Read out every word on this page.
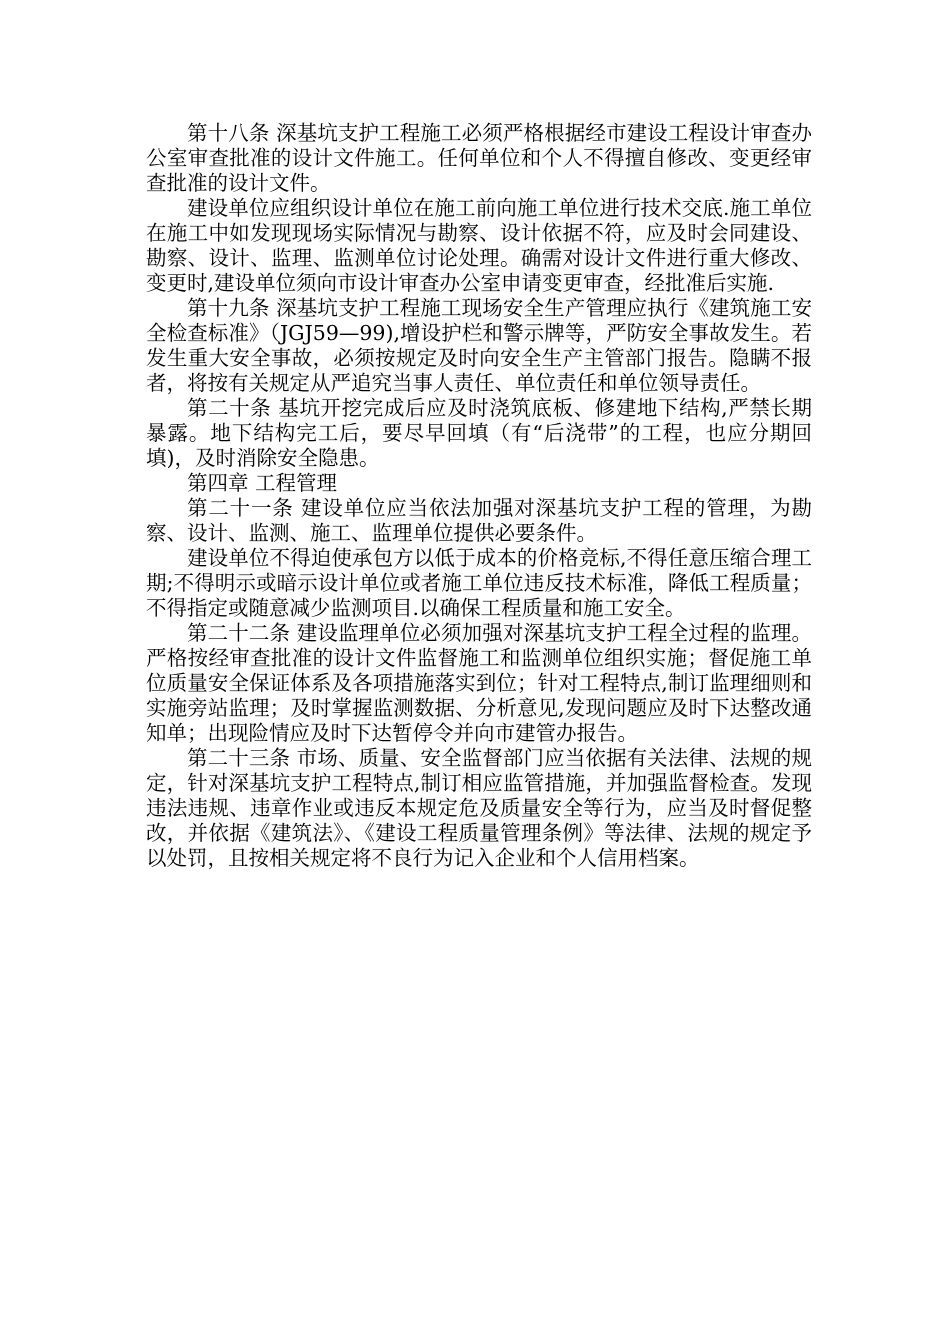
第十八条 深基坑支护工程施工必须严格根据经市建设工程设计审查办公室审查批准的设计文件施工。任何单位和个人不得擅自修改、变更经审查批准的设计文件。

建设单位应组织设计单位在施工前向施工单位进行技术交底.施工单位在施工中如发现现场实际情况与勘察、设计依据不符，应及时会同建设、勘察、设计、监理、监测单位讨论处理。确需对设计文件进行重大修改、变更时,建设单位须向市设计审查办公室申请变更审查，经批准后实施.

第十九条 深基坑支护工程施工现场安全生产管理应执行《建筑施工安全检查标准》（JGJ59—99),增设护栏和警示牌等，严防安全事故发生。若发生重大安全事故，必须按规定及时向安全生产主管部门报告。隐瞒不报者，将按有关规定从严追究当事人责任、单位责任和单位领导责任。

第二十条 基坑开挖完成后应及时浇筑底板、修建地下结构,严禁长期暴露。地下结构完工后，要尽早回填（有“后浇带”的工程，也应分期回填)，及时消除安全隐患。

第四章 工程管理

第二十一条 建设单位应当依法加强对深基坑支护工程的管理，为勘察、设计、监测、施工、监理单位提供必要条件。

建设单位不得迫使承包方以低于成本的价格竞标,不得任意压缩合理工期;不得明示或暗示设计单位或者施工单位违反技术标准，降低工程质量；不得指定或随意减少监测项目.以确保工程质量和施工安全。

第二十二条 建设监理单位必须加强对深基坑支护工程全过程的监理。严格按经审查批准的设计文件监督施工和监测单位组织实施；督促施工单位质量安全保证体系及各项措施落实到位；针对工程特点,制订监理细则和实施旁站监理；及时掌握监测数据、分析意见,发现问题应及时下达整改通知单；出现险情应及时下达暂停令并向市建管办报告。

第二十三条 市场、质量、安全监督部门应当依据有关法律、法规的规定，针对深基坑支护工程特点,制订相应监管措施，并加强监督检查。发现违法违规、违章作业或违反本规定危及质量安全等行为，应当及时督促整改，并依据《建筑法》、《建设工程质量管理条例》等法律、法规的规定予以处罚，且按相关规定将不良行为记入企业和个人信用档案。
